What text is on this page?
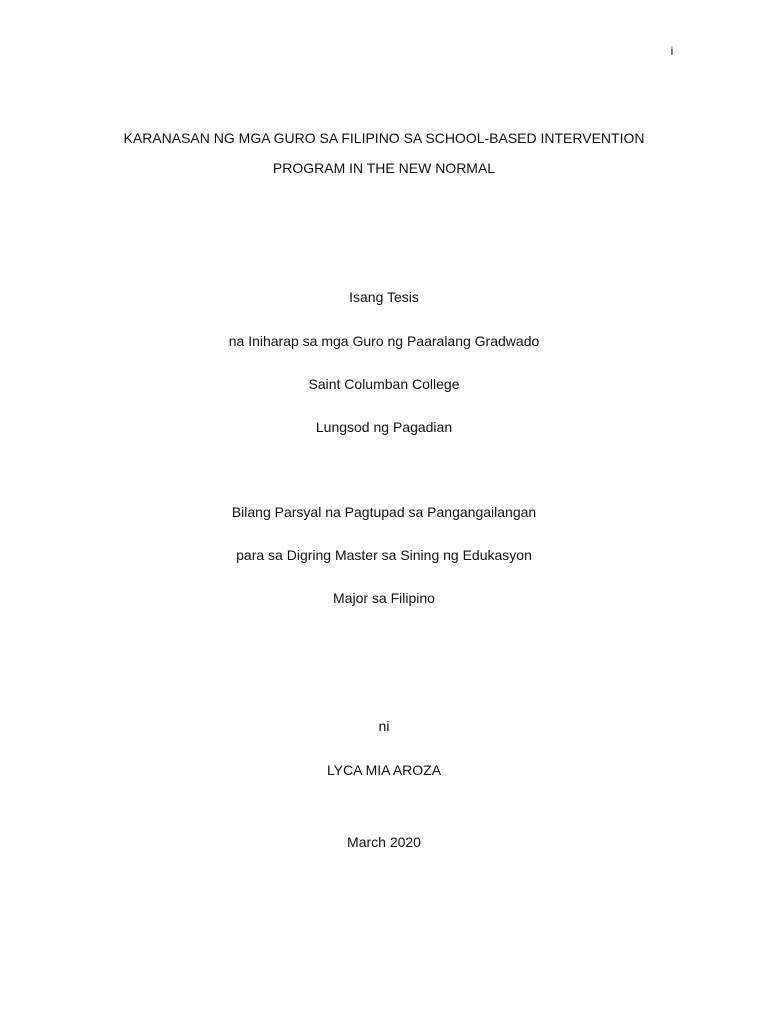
i
KARANASAN NG MGA GURO SA FILIPINO SA SCHOOL-BASED INTERVENTION
PROGRAM IN THE NEW NORMAL
Isang Tesis
na Iniharap sa mga Guro ng Paaralang Gradwado
Saint Columban College
Lungsod ng Pagadian
Bilang Parsyal na Pagtupad sa Pangangailangan
para sa Digring Master sa Sining ng Edukasyon
Major sa Filipino
ni
LYCA MIA AROZA
March 2020
